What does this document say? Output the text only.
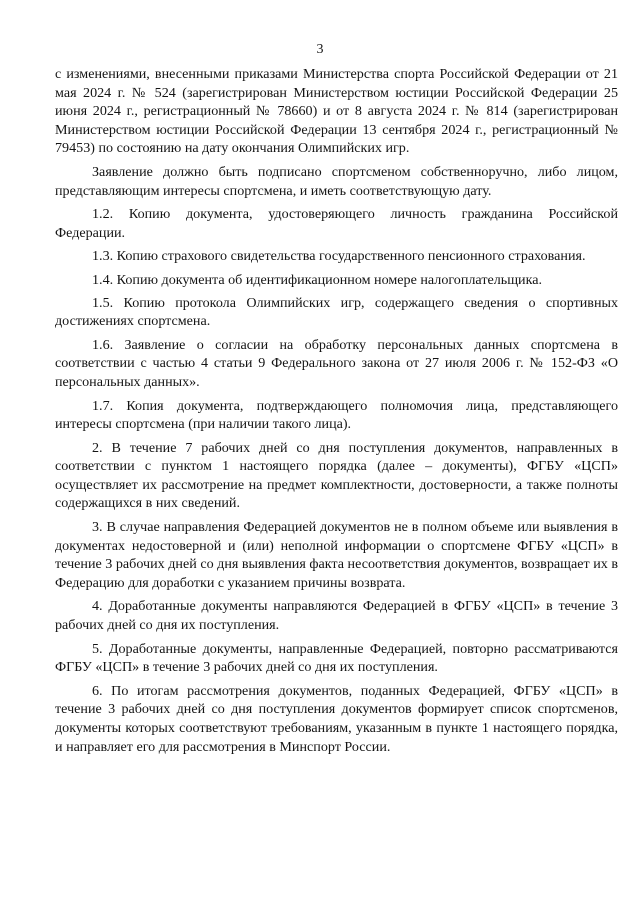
3

с изменениями, внесенными приказами Министерства спорта Российской Федерации от 21 мая 2024 г. № 524 (зарегистрирован Министерством юстиции Российской Федерации 25 июня 2024 г., регистрационный № 78660) и от 8 августа 2024 г. № 814 (зарегистрирован Министерством юстиции Российской Федерации 13 сентября 2024 г., регистрационный № 79453) по состоянию на дату окончания Олимпийских игр.

Заявление должно быть подписано спортсменом собственноручно, либо лицом, представляющим интересы спортсмена, и иметь соответствующую дату.

1.2. Копию документа, удостоверяющего личность гражданина Российской Федерации.

1.3. Копию страхового свидетельства государственного пенсионного страхования.

1.4. Копию документа об идентификационном номере налогоплательщика.

1.5. Копию протокола Олимпийских игр, содержащего сведения о спортивных достижениях спортсмена.

1.6. Заявление о согласии на обработку персональных данных спортсмена в соответствии с частью 4 статьи 9 Федерального закона от 27 июля 2006 г. № 152-ФЗ «О персональных данных».

1.7. Копия документа, подтверждающего полномочия лица, представляющего интересы спортсмена (при наличии такого лица).

2. В течение 7 рабочих дней со дня поступления документов, направленных в соответствии с пунктом 1 настоящего порядка (далее – документы), ФГБУ «ЦСП» осуществляет их рассмотрение на предмет комплектности, достоверности, а также полноты содержащихся в них сведений.

3. В случае направления Федерацией документов не в полном объеме или выявления в документах недостоверной и (или) неполной информации о спортсмене ФГБУ «ЦСП» в течение 3 рабочих дней со дня выявления факта несоответствия документов, возвращает их в Федерацию для доработки с указанием причины возврата.

4. Доработанные документы направляются Федерацией в ФГБУ «ЦСП» в течение 3 рабочих дней со дня их поступления.

5. Доработанные документы, направленные Федерацией, повторно рассматриваются ФГБУ «ЦСП» в течение 3 рабочих дней со дня их поступления.

6. По итогам рассмотрения документов, поданных Федерацией, ФГБУ «ЦСП» в течение 3 рабочих дней со дня поступления документов формирует список спортсменов, документы которых соответствуют требованиям, указанным в пункте 1 настоящего порядка, и направляет его для рассмотрения в Минспорт России.
